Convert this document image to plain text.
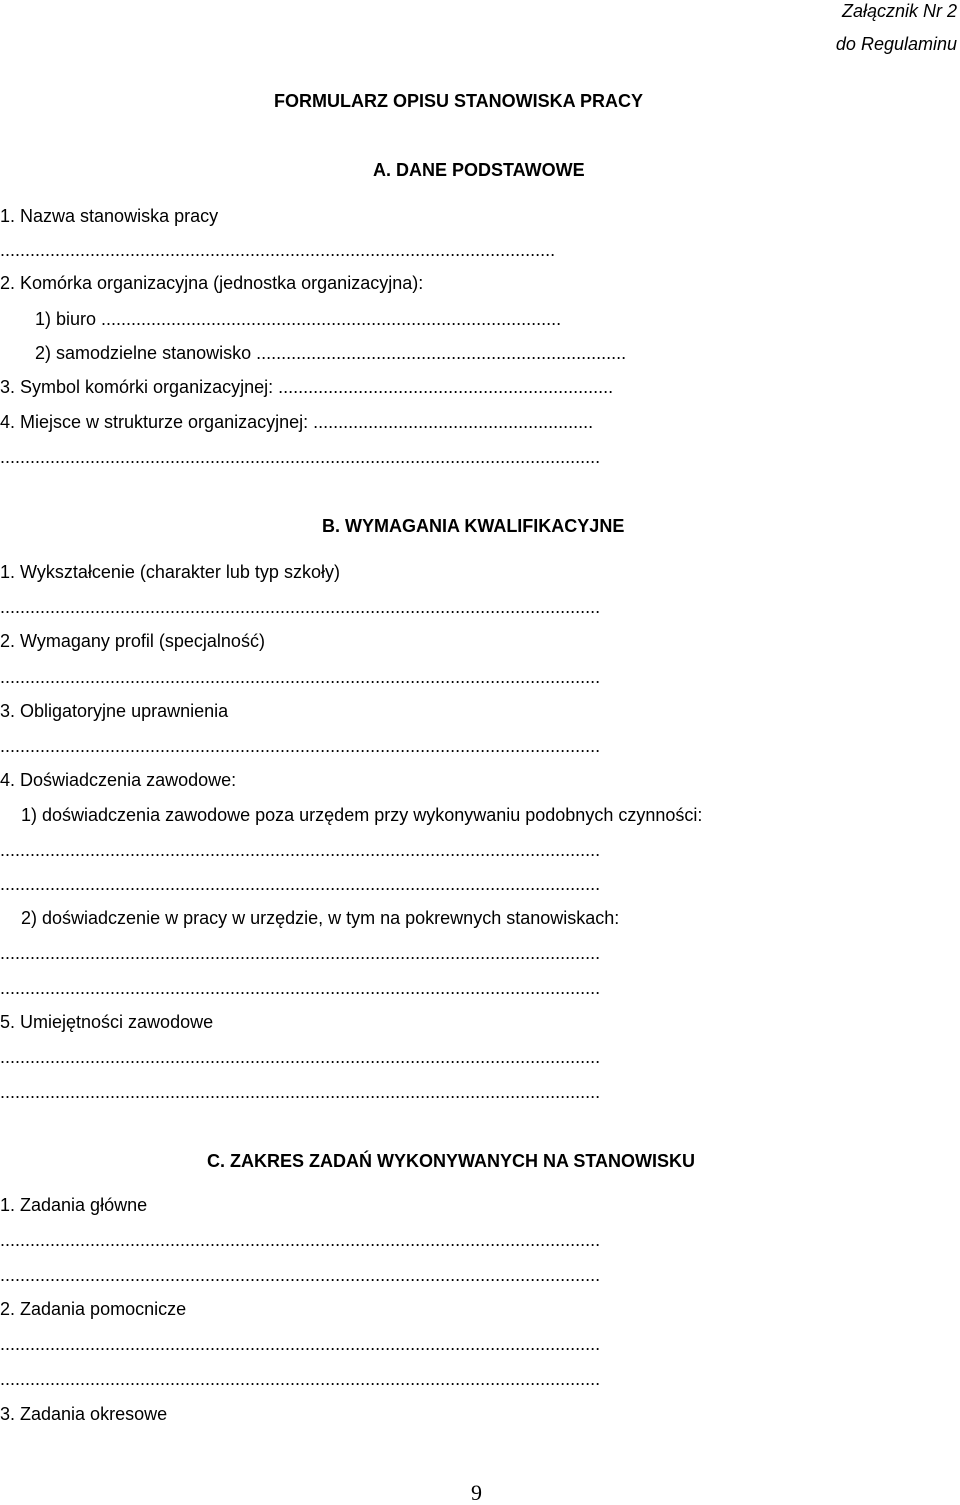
Załącznik Nr 2
do Regulaminu
FORMULARZ OPISU STANOWISKA PRACY
A. DANE PODSTAWOWE
1. Nazwa stanowiska pracy
...............................................................................................................
2. Komórka organizacyjna (jednostka organizacyjna):
1) biuro ............................................................................................
2) samodzielne stanowisko ..........................................................................
3. Symbol komórki organizacyjnej: ...................................................................
4. Miejsce w strukturze organizacyjnej: ........................................................
........................................................................................................................
B. WYMAGANIA KWALIFIKACYJNE
1. Wykształcenie (charakter lub typ szkoły)
........................................................................................................................
2. Wymagany profil (specjalność)
........................................................................................................................
3. Obligatoryjne uprawnienia
........................................................................................................................
4. Doświadczenia zawodowe:
1) doświadczenia zawodowe poza urzędem przy wykonywaniu podobnych czynności:
........................................................................................................................
........................................................................................................................
2) doświadczenie w pracy w urzędzie, w tym na pokrewnych stanowiskach:
........................................................................................................................
........................................................................................................................
5. Umiejętności zawodowe
........................................................................................................................
........................................................................................................................
C. ZAKRES ZADAŃ WYKONYWANYCH NA STANOWISKU
1. Zadania główne
........................................................................................................................
........................................................................................................................
2. Zadania pomocnicze
........................................................................................................................
........................................................................................................................
3. Zadania okresowe
9
